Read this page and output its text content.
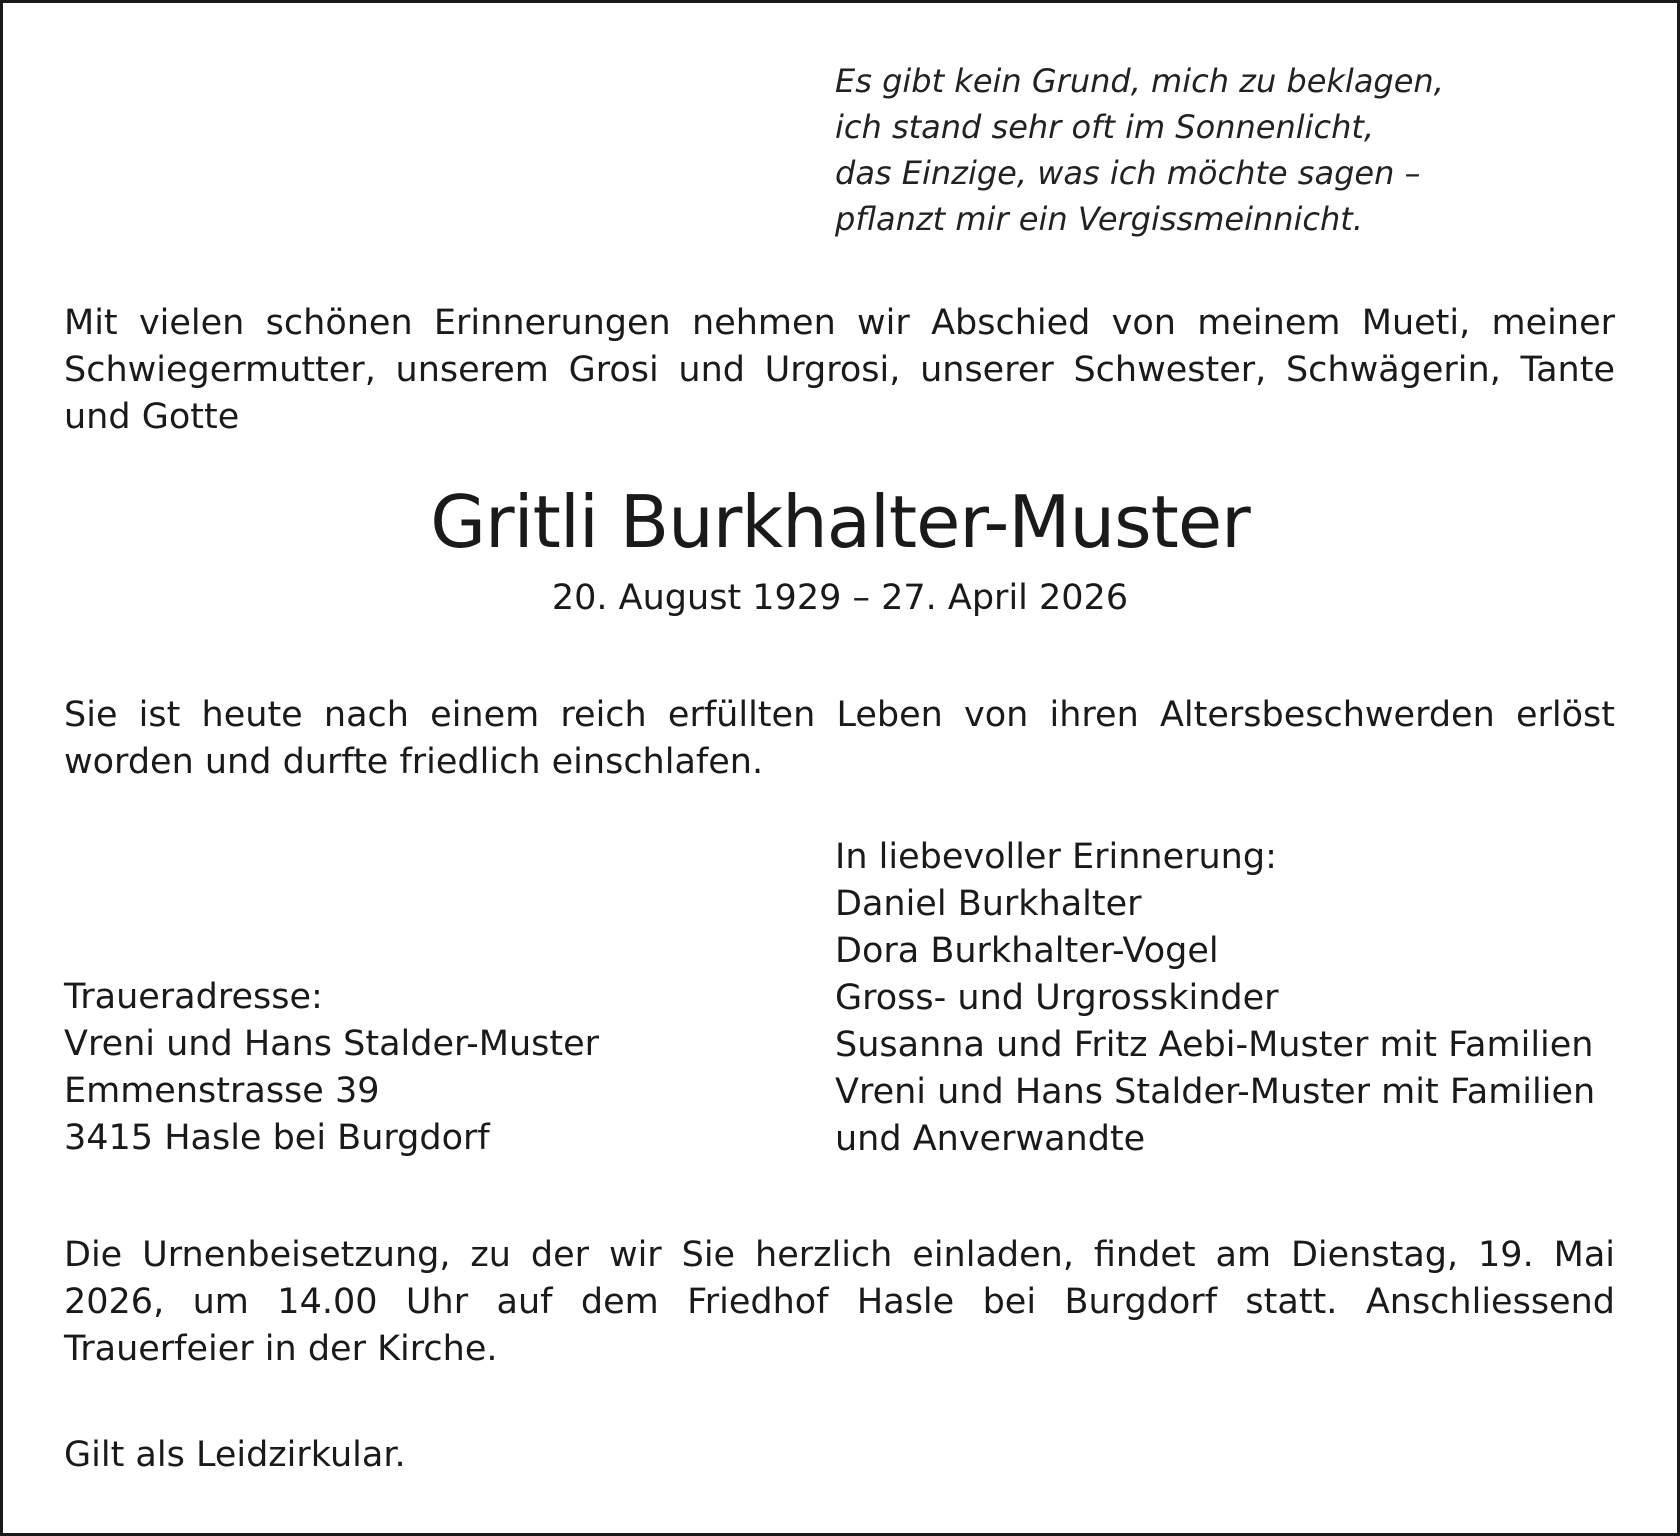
Es gibt kein Grund, mich zu beklagen,
ich stand sehr oft im Sonnenlicht,
das Einzige, was ich möchte sagen –
pflanzt mir ein Vergissmeinnicht.
Mit vielen schönen Erinnerungen nehmen wir Abschied von meinem Mueti, meiner Schwiegermutter, unserem Grosi und Urgrosi, unserer Schwester, Schwägerin, Tante und Gotte
Gritli Burkhalter-Muster
20. August 1929 – 27. April 2026
Sie ist heute nach einem reich erfüllten Leben von ihren Altersbeschwerden erlöst worden und durfte friedlich einschlafen.
In liebevoller Erinnerung:
Daniel Burkhalter
Dora Burkhalter-Vogel
Gross- und Urgrosskinder
Susanna und Fritz Aebi-Muster mit Familien
Vreni und Hans Stalder-Muster mit Familien
und Anverwandte
Traueradresse:
Vreni und Hans Stalder-Muster
Emmenstrasse 39
3415 Hasle bei Burgdorf
Die Urnenbeisetzung, zu der wir Sie herzlich einladen, findet am Dienstag, 19. Mai 2026, um 14.00 Uhr auf dem Friedhof Hasle bei Burgdorf statt. Anschliessend Trauerfeier in der Kirche.
Gilt als Leidzirkular.
